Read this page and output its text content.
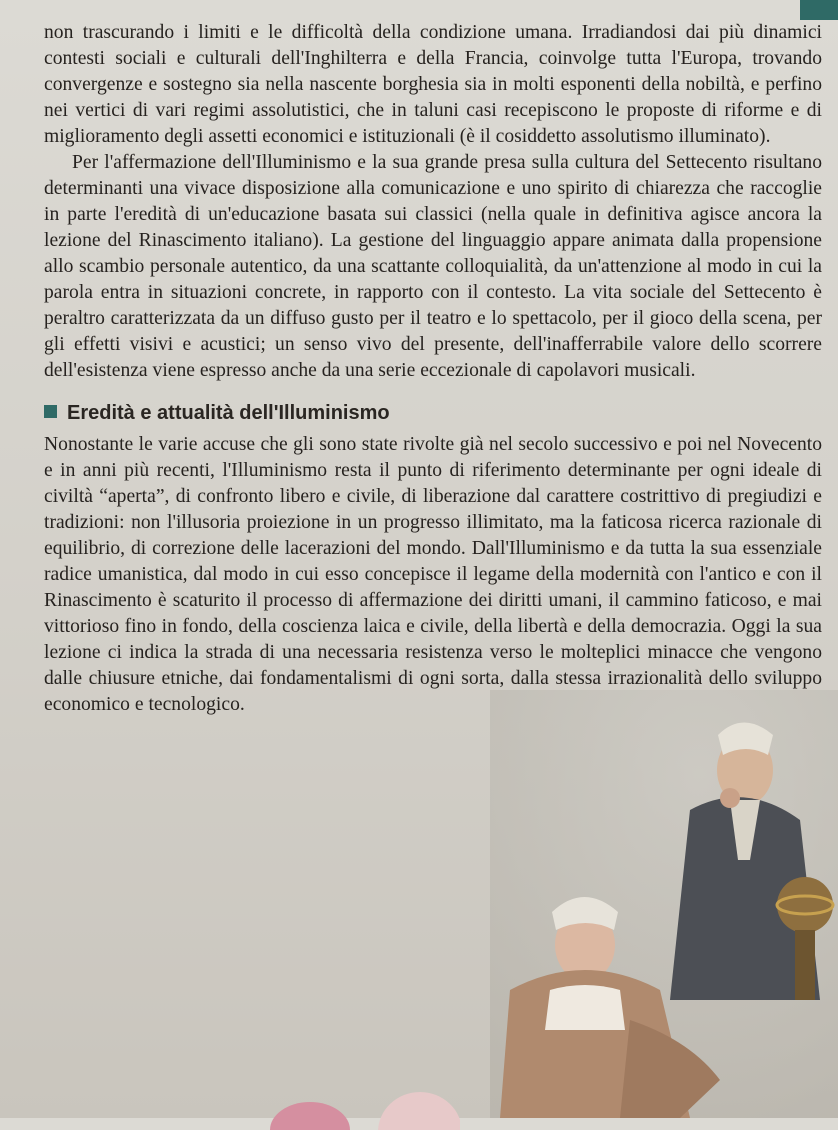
non trascurando i limiti e le difficoltà della condizione umana. Irradiandosi dai più dinamici contesti sociali e culturali dell'Inghilterra e della Francia, coinvolge tutta l'Europa, trovando convergenze e sostegno sia nella nascente borghesia sia in molti esponenti della nobiltà, e perfino nei vertici di vari regimi assolutistici, che in taluni casi recepiscono le proposte di riforme e di miglioramento degli assetti economici e istituzionali (è il cosiddetto assolutismo illuminato).

Per l'affermazione dell'Illuminismo e la sua grande presa sulla cultura del Settecento risultano determinanti una vivace disposizione alla comunicazione e uno spirito di chiarezza che raccoglie in parte l'eredità di un'educazione basata sui classici (nella quale in definitiva agisce ancora la lezione del Rinascimento italiano). La gestione del linguaggio appare animata dalla propensione allo scambio personale autentico, da una scattante colloquialità, da un'attenzione al modo in cui la parola entra in situazioni concrete, in rapporto con il contesto. La vita sociale del Settecento è peraltro caratterizzata da un diffuso gusto per il teatro e lo spettacolo, per il gioco della scena, per gli effetti visivi e acustici; un senso vivo del presente, dell'inafferrabile valore dello scorrere dell'esistenza viene espresso anche da una serie eccezionale di capolavori musicali.

Eredità e attualità dell'Illuminismo

Nonostante le varie accuse che gli sono state rivolte già nel secolo successivo e poi nel Novecento e in anni più recenti, l'Illuminismo resta il punto di riferimento determinante per ogni ideale di civiltà “aperta”, di confronto libero e civile, di liberazione dal carattere costrittivo di pregiudizi e tradizioni: non l'illusoria proiezione in un progresso illimitato, ma la faticosa ricerca razionale di equilibrio, di correzione delle lacerazioni del mondo. Dall'Illuminismo e da tutta la sua essenziale radice umanistica, dal modo in cui esso concepisce il legame della modernità con l'antico e con il Rinascimento è scaturito il processo di affermazione dei diritti umani, il cammino faticoso, e mai vittorioso fino in fondo, della coscienza laica e civile, della libertà e della democrazia. Oggi la sua lezione ci indica la strada di una necessaria resistenza verso le molteplici minacce che vengono dalle chiusure etniche, dai fondamentalismi di ogni sorta, dalla stessa irrazionalità dello sviluppo economico e tecnologico.
